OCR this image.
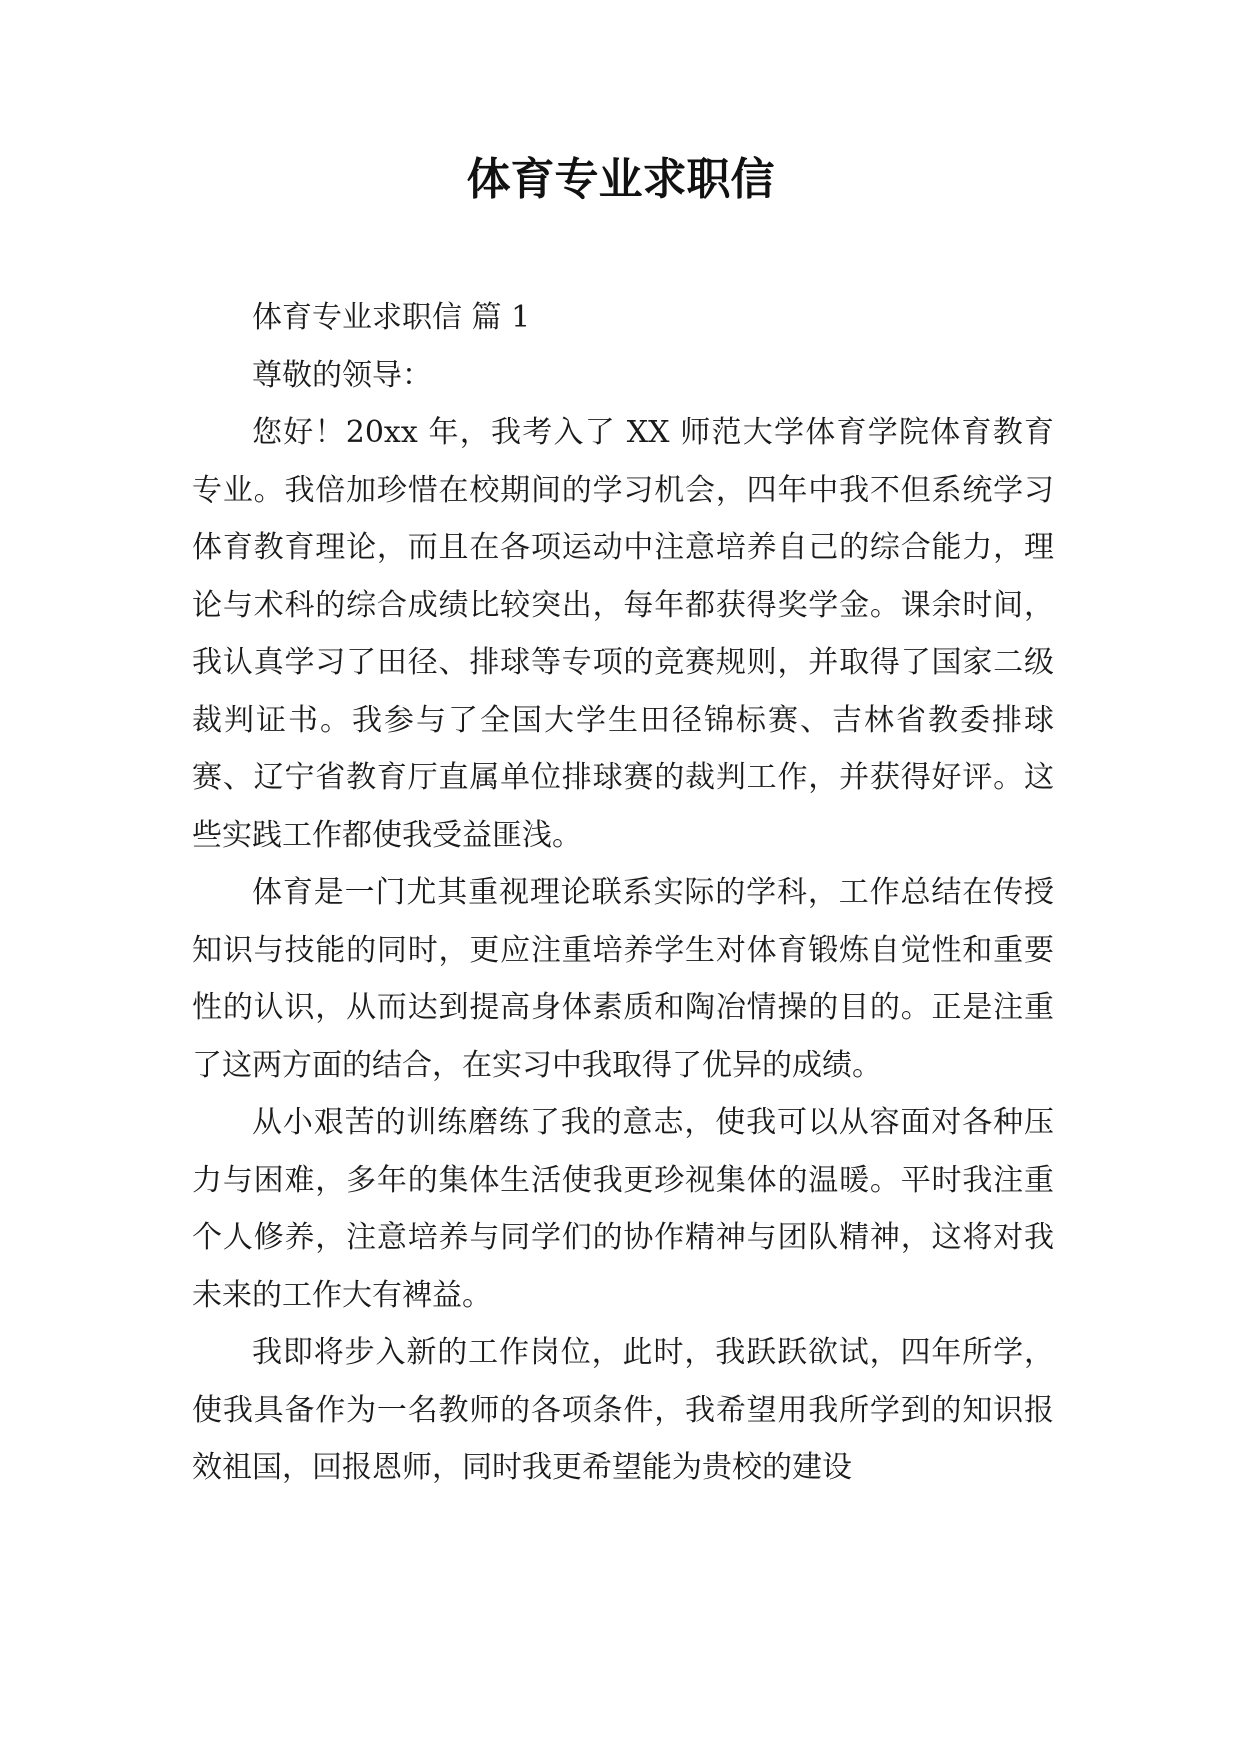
体育专业求职信

体育专业求职信 篇 1

尊敬的领导：

您好！20xx 年，我考入了 XX 师范大学体育学院体育教育专业。我倍加珍惜在校期间的学习机会，四年中我不但系统学习体育教育理论，而且在各项运动中注意培养自己的综合能力，理论与术科的综合成绩比较突出，每年都获得奖学金。课余时间，我认真学习了田径、排球等专项的竞赛规则，并取得了国家二级裁判证书。我参与了全国大学生田径锦标赛、吉林省教委排球赛、辽宁省教育厅直属单位排球赛的裁判工作，并获得好评。这些实践工作都使我受益匪浅。

体育是一门尤其重视理论联系实际的学科，工作总结在传授知识与技能的同时，更应注重培养学生对体育锻炼自觉性和重要性的认识，从而达到提高身体素质和陶冶情操的目的。正是注重了这两方面的结合，在实习中我取得了优异的成绩。

从小艰苦的训练磨练了我的意志，使我可以从容面对各种压力与困难，多年的集体生活使我更珍视集体的温暖。平时我注重个人修养，注意培养与同学们的协作精神与团队精神，这将对我未来的工作大有裨益。

我即将步入新的工作岗位，此时，我跃跃欲试，四年所学，使我具备作为一名教师的各项条件，我希望用我所学到的知识报效祖国，回报恩师，同时我更希望能为贵校的建设
